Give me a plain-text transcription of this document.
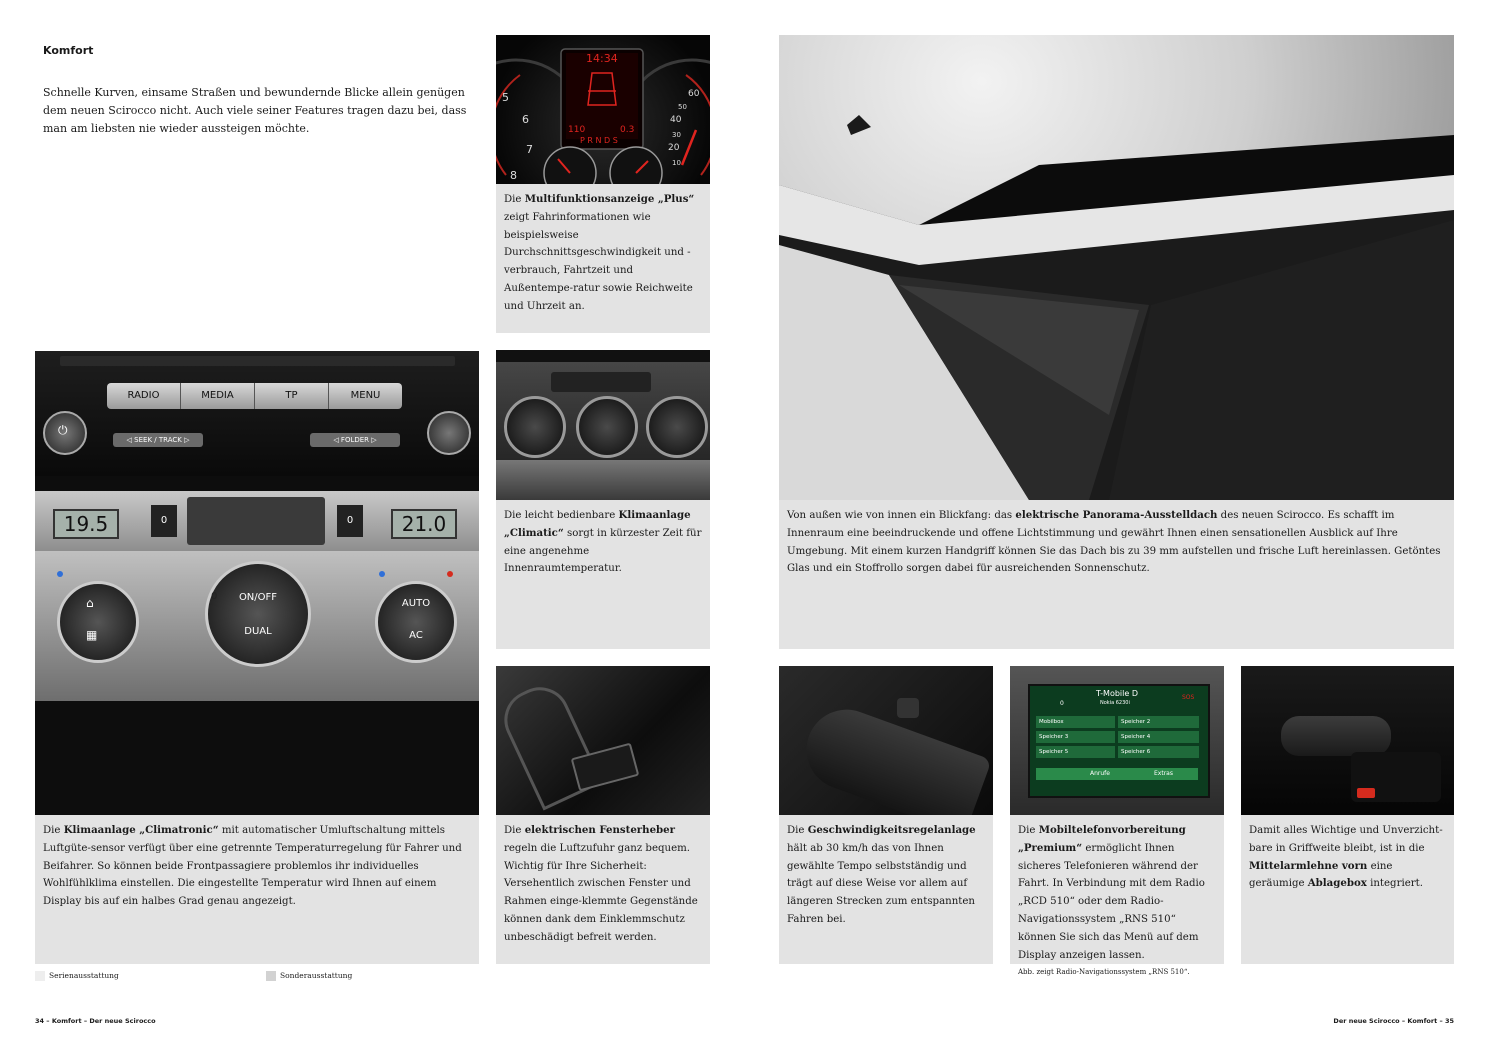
Komfort
Schnelle Kurven, einsame Straßen und bewundernde Blicke allein genügen dem neuen Scirocco nicht. Auch viele seiner Features tragen dazu bei, dass man am liebsten nie wieder aussteigen möchte.
14:34
110	0.3
P R N D S
5
6
7
8
60
50
40
30
20
10
Die Multifunktionsanzeige „Plus“ zeigt Fahrinformationen wie beispielsweise Durchschnittsgeschwindigkeit und -verbrauch, Fahrtzeit und Außentempe-ratur sowie Reichweite und Uhrzeit an.
RADIO	MEDIA	TP	MENU
⏻
◁ SEEK / TRACK ▷	◁ FOLDER ▷
19.5	21.0
0	0
⌂
▦
ON/OFF
DUAL
0
AUTO
AC
Die Klimaanlage „Climatronic“ mit automatischer Umluftschaltung mittels Luftgüte-sensor verfügt über eine getrennte Temperaturregelung für Fahrer und Beifahrer. So können beide Frontpassagiere problemlos ihr individuelles Wohlfühlklima einstellen. Die eingestellte Temperatur wird Ihnen auf einem Display bis auf ein halbes Grad genau angezeigt.
Die leicht bedienbare Klimaanlage „Climatic“ sorgt in kürzester Zeit für eine angenehme Innenraumtemperatur.
Die elektrischen Fensterheber regeln die Luftzufuhr ganz bequem. Wichtig für Ihre Sicherheit: Versehentlich zwischen Fenster und Rahmen einge-klemmte Gegenstände können dank dem Einklemmschutz unbeschädigt befreit werden.
Serienausstattung	Sonderausstattung
34 – Komfort – Der neue Scirocco
Von außen wie von innen ein Blickfang: das elektrische Panorama-Ausstelldach des neuen Scirocco. Es schafft im Innenraum eine beeindruckende und offene Lichtstimmung und gewährt Ihnen einen sensationellen Ausblick auf Ihre Umgebung. Mit einem kurzen Handgriff können Sie das Dach bis zu 39 mm aufstellen und frische Luft hereinlassen. Getöntes Glas und ein Stoffrollo sorgen dabei für ausreichenden Sonnenschutz.
Die Geschwindigkeitsregelanlage hält ab 30 km/h das von Ihnen gewählte Tempo selbstständig und trägt auf diese Weise vor allem auf längeren Strecken zum entspannten Fahren bei.
T-Mobile D
Nokia 6230i
0
SOS
Mobilbox
Speicher 3
Speicher 5
Speicher 2
Speicher 4
Speicher 6
Anrufe	Extras
Die Mobiltelefonvorbereitung „Premium“ ermöglicht Ihnen sicheres Telefonieren während der Fahrt. In Verbindung mit dem Radio „RCD 510“ oder dem Radio-Navigationssystem „RNS 510“ können Sie sich das Menü auf dem Display anzeigen lassen.
Abb. zeigt Radio-Navigationssystem „RNS 510“.
Damit alles Wichtige und Unverzicht-bare in Griffweite bleibt, ist in die Mittelarmlehne vorn eine geräumige Ablagebox integriert.
Der neue Scirocco – Komfort – 35
